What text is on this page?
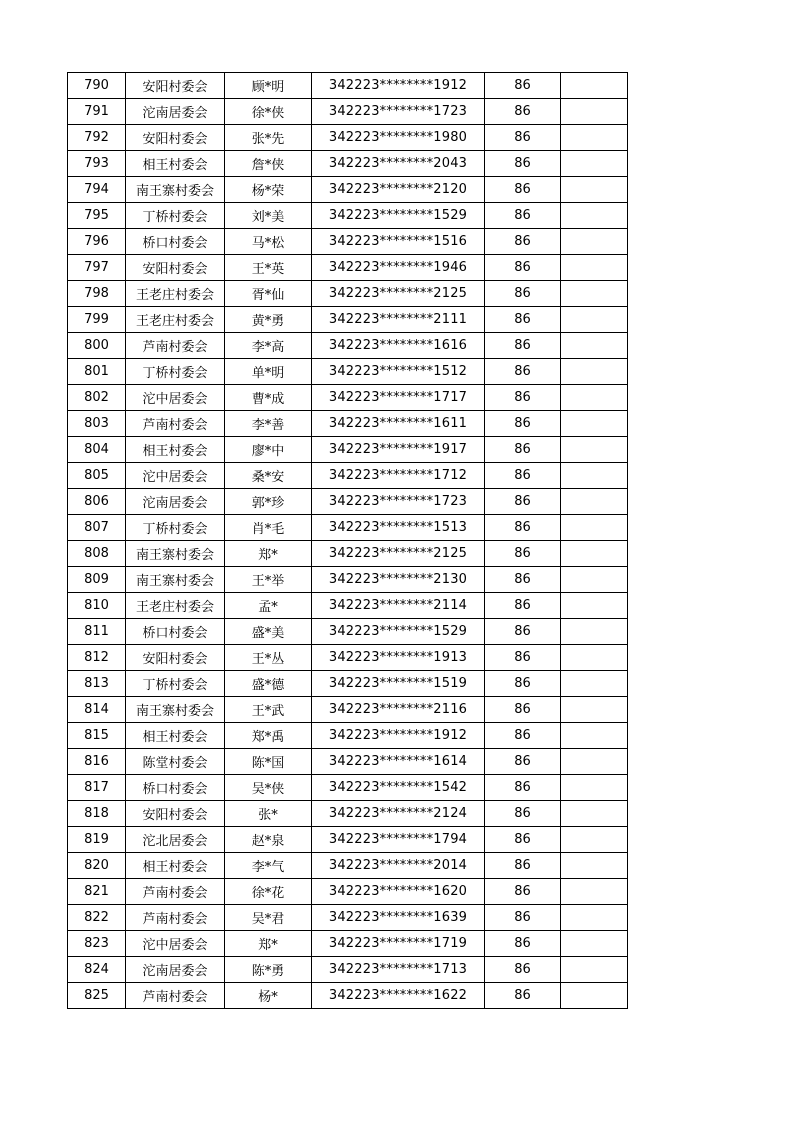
790	安阳村委会	顾*明	342223********1912	86	
791	沱南居委会	徐*侠	342223********1723	86	
792	安阳村委会	张*先	342223********1980	86	
793	相王村委会	詹*侠	342223********2043	86	
794	南王寨村委会	杨*荣	342223********2120	86	
795	丁桥村委会	刘*美	342223********1529	86	
796	桥口村委会	马*松	342223********1516	86	
797	安阳村委会	王*英	342223********1946	86	
798	王老庄村委会	胥*仙	342223********2125	86	
799	王老庄村委会	黄*勇	342223********2111	86	
800	芦南村委会	李*高	342223********1616	86	
801	丁桥村委会	单*明	342223********1512	86	
802	沱中居委会	曹*成	342223********1717	86	
803	芦南村委会	李*善	342223********1611	86	
804	相王村委会	廖*中	342223********1917	86	
805	沱中居委会	桑*安	342223********1712	86	
806	沱南居委会	郭*珍	342223********1723	86	
807	丁桥村委会	肖*毛	342223********1513	86	
808	南王寨村委会	郑*	342223********2125	86	
809	南王寨村委会	王*举	342223********2130	86	
810	王老庄村委会	孟*	342223********2114	86	
811	桥口村委会	盛*美	342223********1529	86	
812	安阳村委会	王*丛	342223********1913	86	
813	丁桥村委会	盛*德	342223********1519	86	
814	南王寨村委会	王*武	342223********2116	86	
815	相王村委会	郑*禹	342223********1912	86	
816	陈堂村委会	陈*国	342223********1614	86	
817	桥口村委会	吴*侠	342223********1542	86	
818	安阳村委会	张*	342223********2124	86	
819	沱北居委会	赵*泉	342223********1794	86	
820	相王村委会	李*气	342223********2014	86	
821	芦南村委会	徐*花	342223********1620	86	
822	芦南村委会	吴*君	342223********1639	86	
823	沱中居委会	郑*	342223********1719	86	
824	沱南居委会	陈*勇	342223********1713	86	
825	芦南村委会	杨*	342223********1622	86	
